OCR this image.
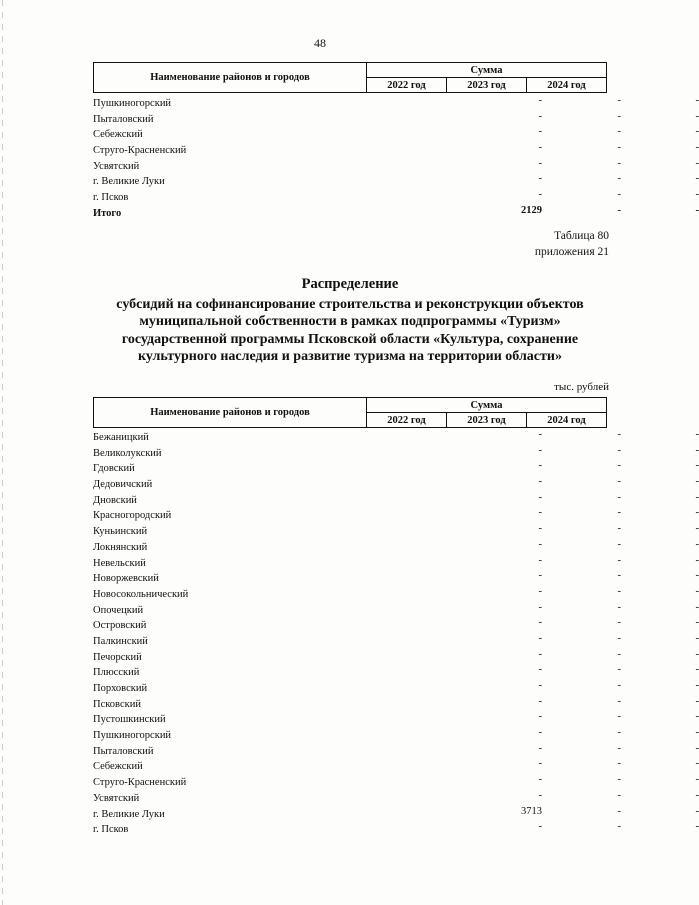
48
Наименование районов и городов	Сумма		
	2022 год	2023 год	2024 год
Пушкиногорский	-	-	-
Пыталовский	-	-	-
Себежский	-	-	-
Струго-Красненский	-	-	-
Усвятский	-	-	-
г. Великие Луки	-	-	-
г. Псков	-	-	-
Итого	2129	-	-
Таблица 80
приложения 21
Распределение
субсидий на софинансирование строительства и реконструкции объектов
муниципальной собственности в рамках подпрограммы «Туризм»
государственной программы Псковской области «Культура, сохранение
культурного наследия и развитие туризма на территории области»
тыс. рублей
Наименование районов и городов	Сумма		
	2022 год	2023 год	2024 год
Бежаницкий	-	-	-
Великолукский	-	-	-
Гдовский	-	-	-
Дедовичский	-	-	-
Дновский	-	-	-
Красногородский	-	-	-
Куньинский	-	-	-
Локнянский	-	-	-
Невельский	-	-	-
Новоржевский	-	-	-
Новосокольнический	-	-	-
Опочецкий	-	-	-
Островский	-	-	-
Палкинский	-	-	-
Печорский	-	-	-
Плюсский	-	-	-
Порховский	-	-	-
Псковский	-	-	-
Пустошкинский	-	-	-
Пушкиногорский	-	-	-
Пыталовский	-	-	-
Себежский	-	-	-
Струго-Красненский	-	-	-
Усвятский	-	-	-
г. Великие Луки	3713	-	-
г. Псков	-	-	-
